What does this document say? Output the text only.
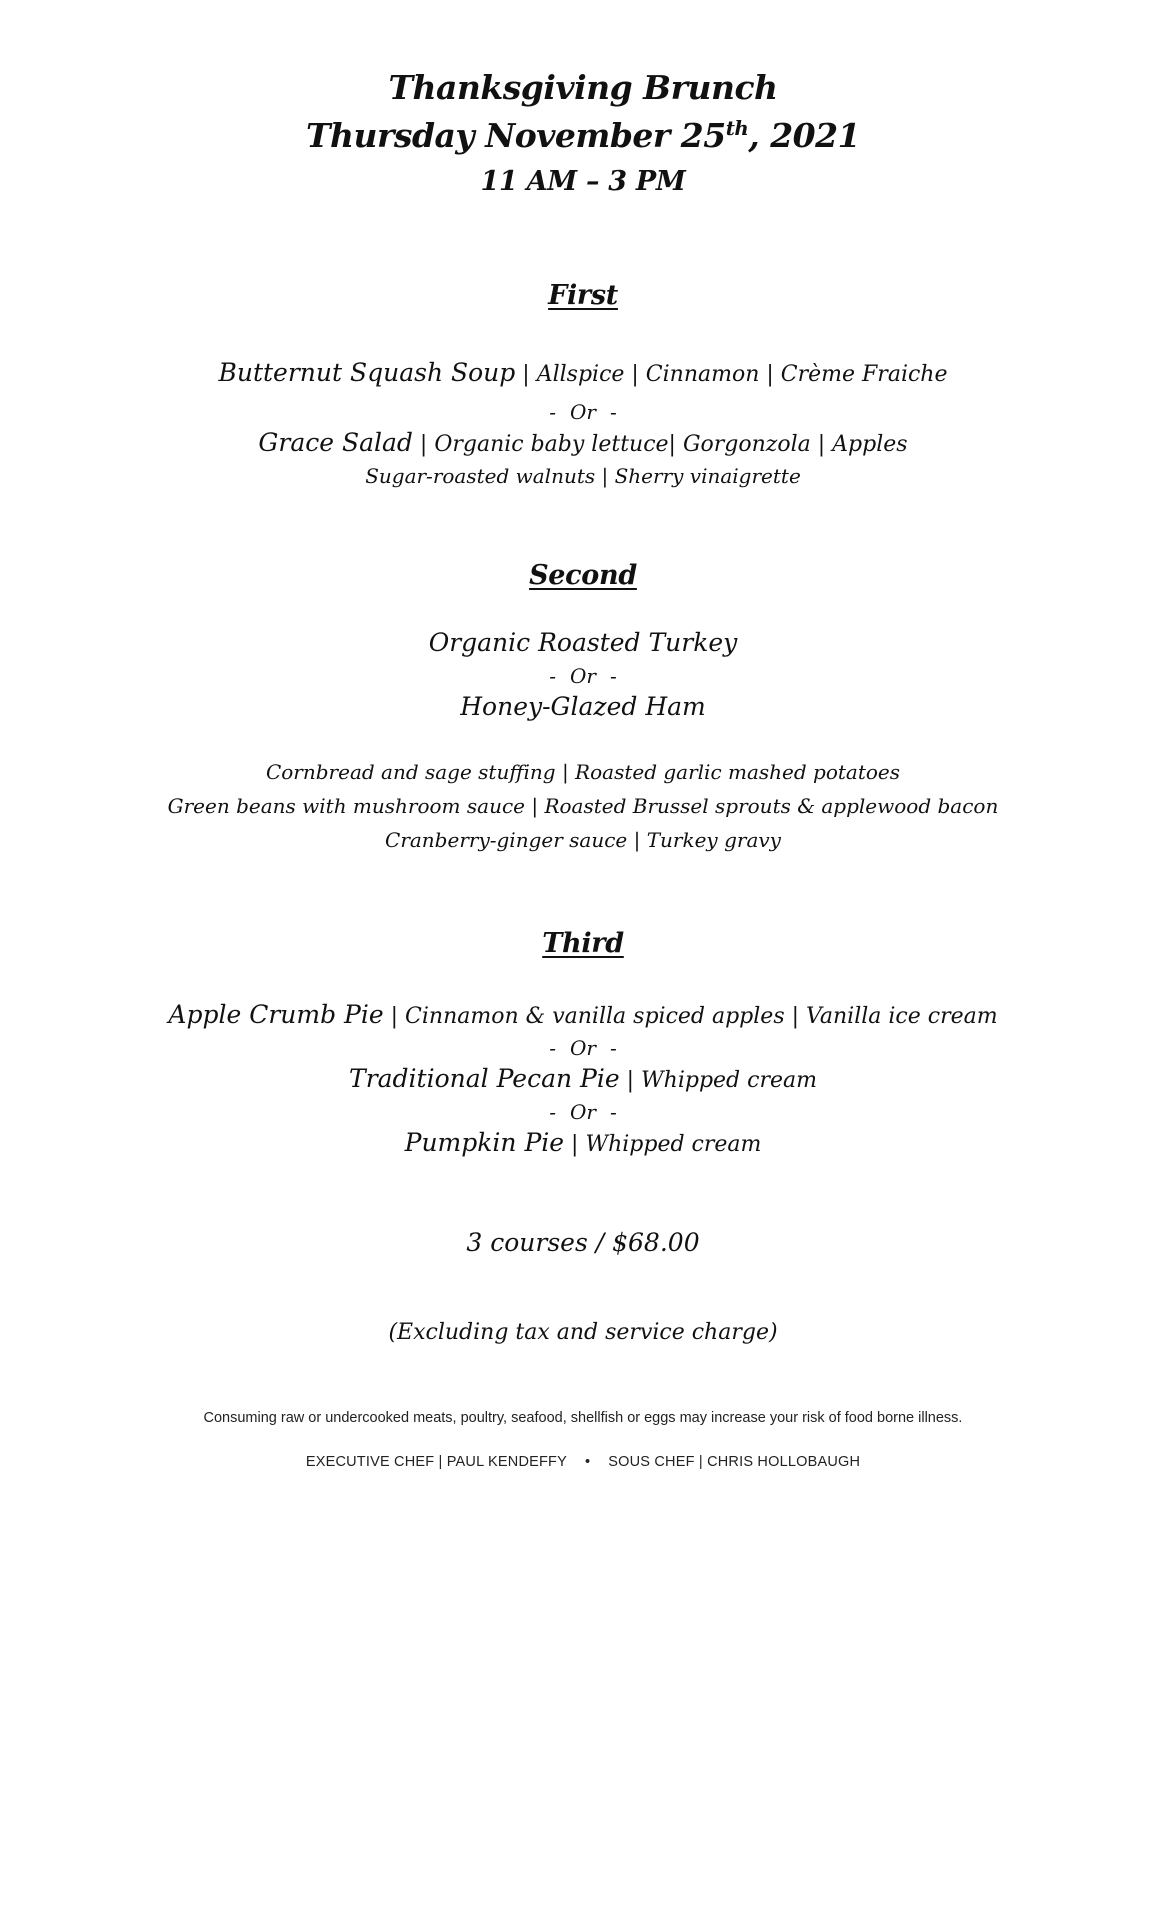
Thanksgiving Brunch
Thursday November 25th, 2021
11 AM – 3 PM
First
Butternut Squash Soup | Allspice | Cinnamon | Crème Fraiche
- Or -
Grace Salad | Organic baby lettuce| Gorgonzola | Apples
Sugar-roasted walnuts | Sherry vinaigrette
Second
Organic Roasted Turkey
- Or -
Honey-Glazed Ham
Cornbread and sage stuffing | Roasted garlic mashed potatoes
Green beans with mushroom sauce | Roasted Brussel sprouts & applewood bacon
Cranberry-ginger sauce | Turkey gravy
Third
Apple Crumb Pie | Cinnamon & vanilla spiced apples | Vanilla ice cream
- Or -
Traditional Pecan Pie | Whipped cream
- Or -
Pumpkin Pie | Whipped cream
3 courses / $68.00
(Excluding tax and service charge)
Consuming raw or undercooked meats, poultry, seafood, shellfish or eggs may increase your risk of food borne illness.
EXECUTIVE CHEF | PAUL KENDEFFY • SOUS CHEF | CHRIS HOLLOBAUGH
